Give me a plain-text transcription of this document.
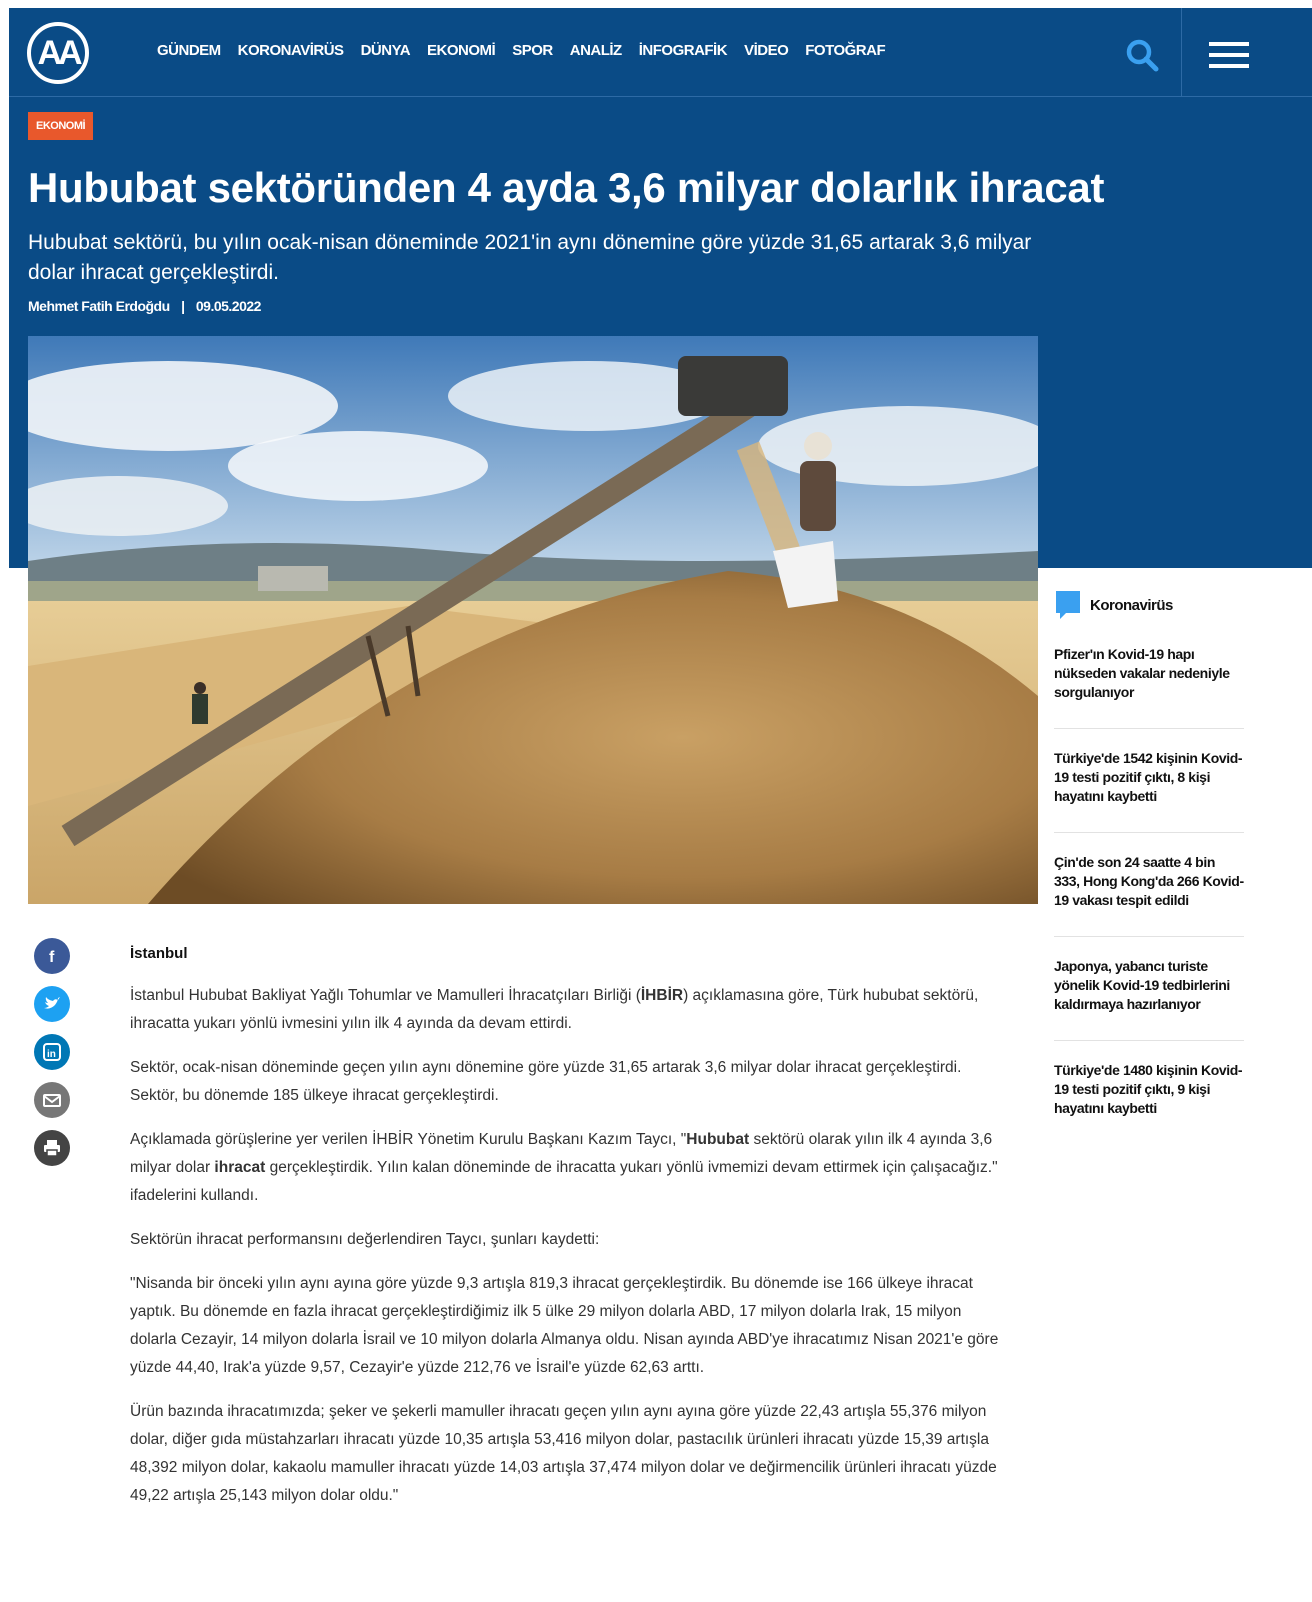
AA	GÜNDEM KORONAVİRÜS DÜNYA EKONOMİ SPOR ANALİZ İNFOGRAFİK VİDEO FOTOĞRAF
EKONOMİ
Hububat sektöründen 4 ayda 3,6 milyar dolarlık ihracat

Hububat sektörü, bu yılın ocak-nisan döneminde 2021'in aynı dönemine göre yüzde 31,65 artarak 3,6 milyar dolar ihracat gerçekleştirdi.

Mehmet Fatih Erdoğdu | 09.05.2022
f
in
İstanbul

İstanbul Hububat Bakliyat Yağlı Tohumlar ve Mamulleri İhracatçıları Birliği (İHBİR) açıklamasına göre, Türk hububat sektörü, ihracatta yukarı yönlü ivmesini yılın ilk 4 ayında da devam ettirdi.

Sektör, ocak-nisan döneminde geçen yılın aynı dönemine göre yüzde 31,65 artarak 3,6 milyar dolar ihracat gerçekleştirdi. Sektör, bu dönemde 185 ülkeye ihracat gerçekleştirdi.

Açıklamada görüşlerine yer verilen İHBİR Yönetim Kurulu Başkanı Kazım Taycı, "Hububat sektörü olarak yılın ilk 4 ayında 3,6 milyar dolar ihracat gerçekleştirdik. Yılın kalan döneminde de ihracatta yukarı yönlü ivmemizi devam ettirmek için çalışacağız." ifadelerini kullandı.

Sektörün ihracat performansını değerlendiren Taycı, şunları kaydetti:

"Nisanda bir önceki yılın aynı ayına göre yüzde 9,3 artışla 819,3 ihracat gerçekleştirdik. Bu dönemde ise 166 ülkeye ihracat yaptık. Bu dönemde en fazla ihracat gerçekleştirdiğimiz ilk 5 ülke 29 milyon dolarla ABD, 17 milyon dolarla Irak, 15 milyon dolarla Cezayir, 14 milyon dolarla İsrail ve 10 milyon dolarla Almanya oldu. Nisan ayında ABD'ye ihracatımız Nisan 2021'e göre yüzde 44,40, Irak'a yüzde 9,57, Cezayir'e yüzde 212,76 ve İsrail'e yüzde 62,63 arttı.

Ürün bazında ihracatımızda; şeker ve şekerli mamuller ihracatı geçen yılın aynı ayına göre yüzde 22,43 artışla 55,376 milyon dolar, diğer gıda müstahzarları ihracatı yüzde 10,35 artışla 53,416 milyon dolar, pastacılık ürünleri ihracatı yüzde 15,39 artışla 48,392 milyon dolar, kakaolu mamuller ihracatı yüzde 14,03 artışla 37,474 milyon dolar ve değirmencilik ürünleri ihracatı yüzde 49,22 artışla 25,143 milyon dolar oldu."

Koronavirüs
Pfizer'ın Kovid-19 hapı nükseden vakalar nedeniyle sorgulanıyor
Türkiye'de 1542 kişinin Kovid-19 testi pozitif çıktı, 8 kişi hayatını kaybetti
Çin'de son 24 saatte 4 bin 333, Hong Kong'da 266 Kovid-19 vakası tespit edildi
Japonya, yabancı turiste yönelik Kovid-19 tedbirlerini kaldırmaya hazırlanıyor
Türkiye'de 1480 kişinin Kovid-19 testi pozitif çıktı, 9 kişi hayatını kaybetti
